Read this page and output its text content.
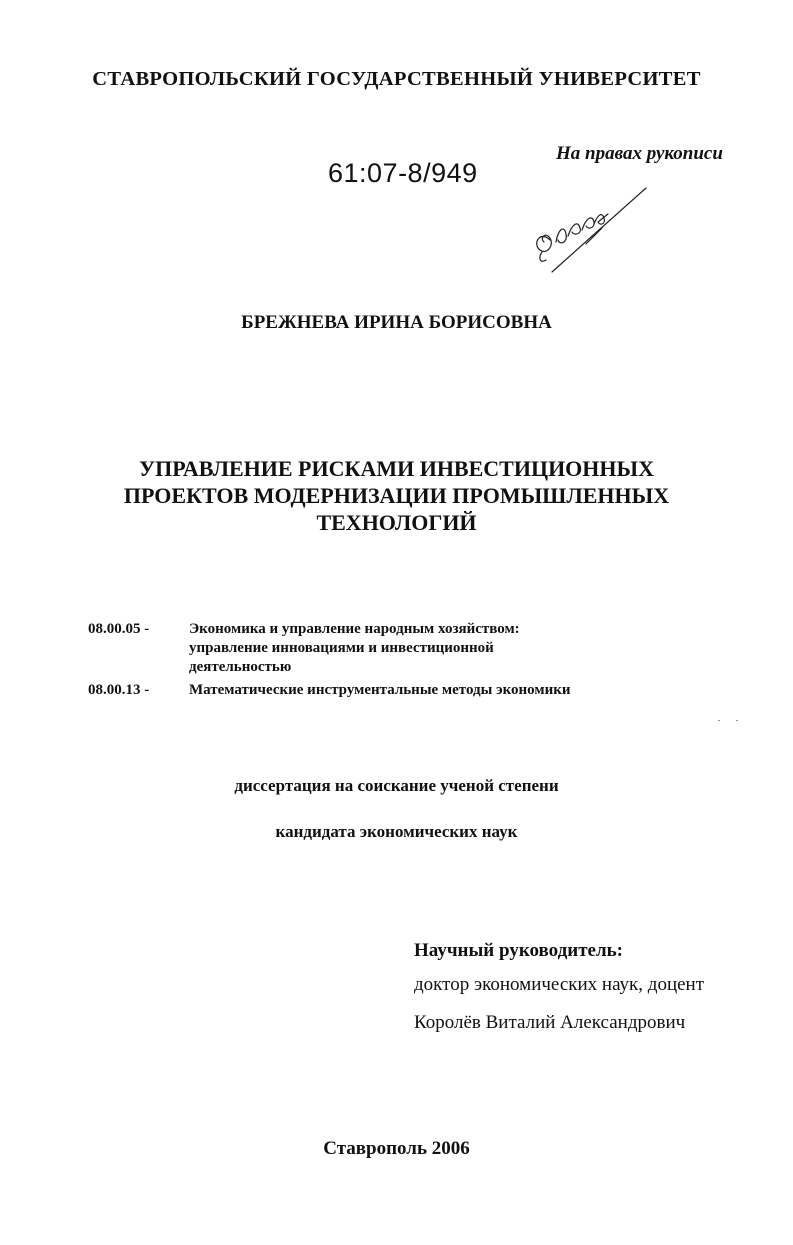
СТАВРОПОЛЬСКИЙ ГОСУДАРСТВЕННЫЙ УНИВЕРСИТЕТ
61:07-8/949
На правах рукописи
БРЕЖНЕВА ИРИНА БОРИСОВНА
УПРАВЛЕНИЕ РИСКАМИ ИНВЕСТИЦИОННЫХ
ПРОЕКТОВ МОДЕРНИЗАЦИИ ПРОМЫШЛЕННЫХ
ТЕХНОЛОГИЙ
08.00.05 -	Экономика и управление народным хозяйством:
управление инновациями и инвестиционной
деятельностью
08.00.13 -	Математические инструментальные методы экономики
диссертация на соискание ученой степени
кандидата экономических наук
Научный руководитель:
доктор экономических наук, доцент
Королёв Виталий Александрович
Ставрополь 2006
